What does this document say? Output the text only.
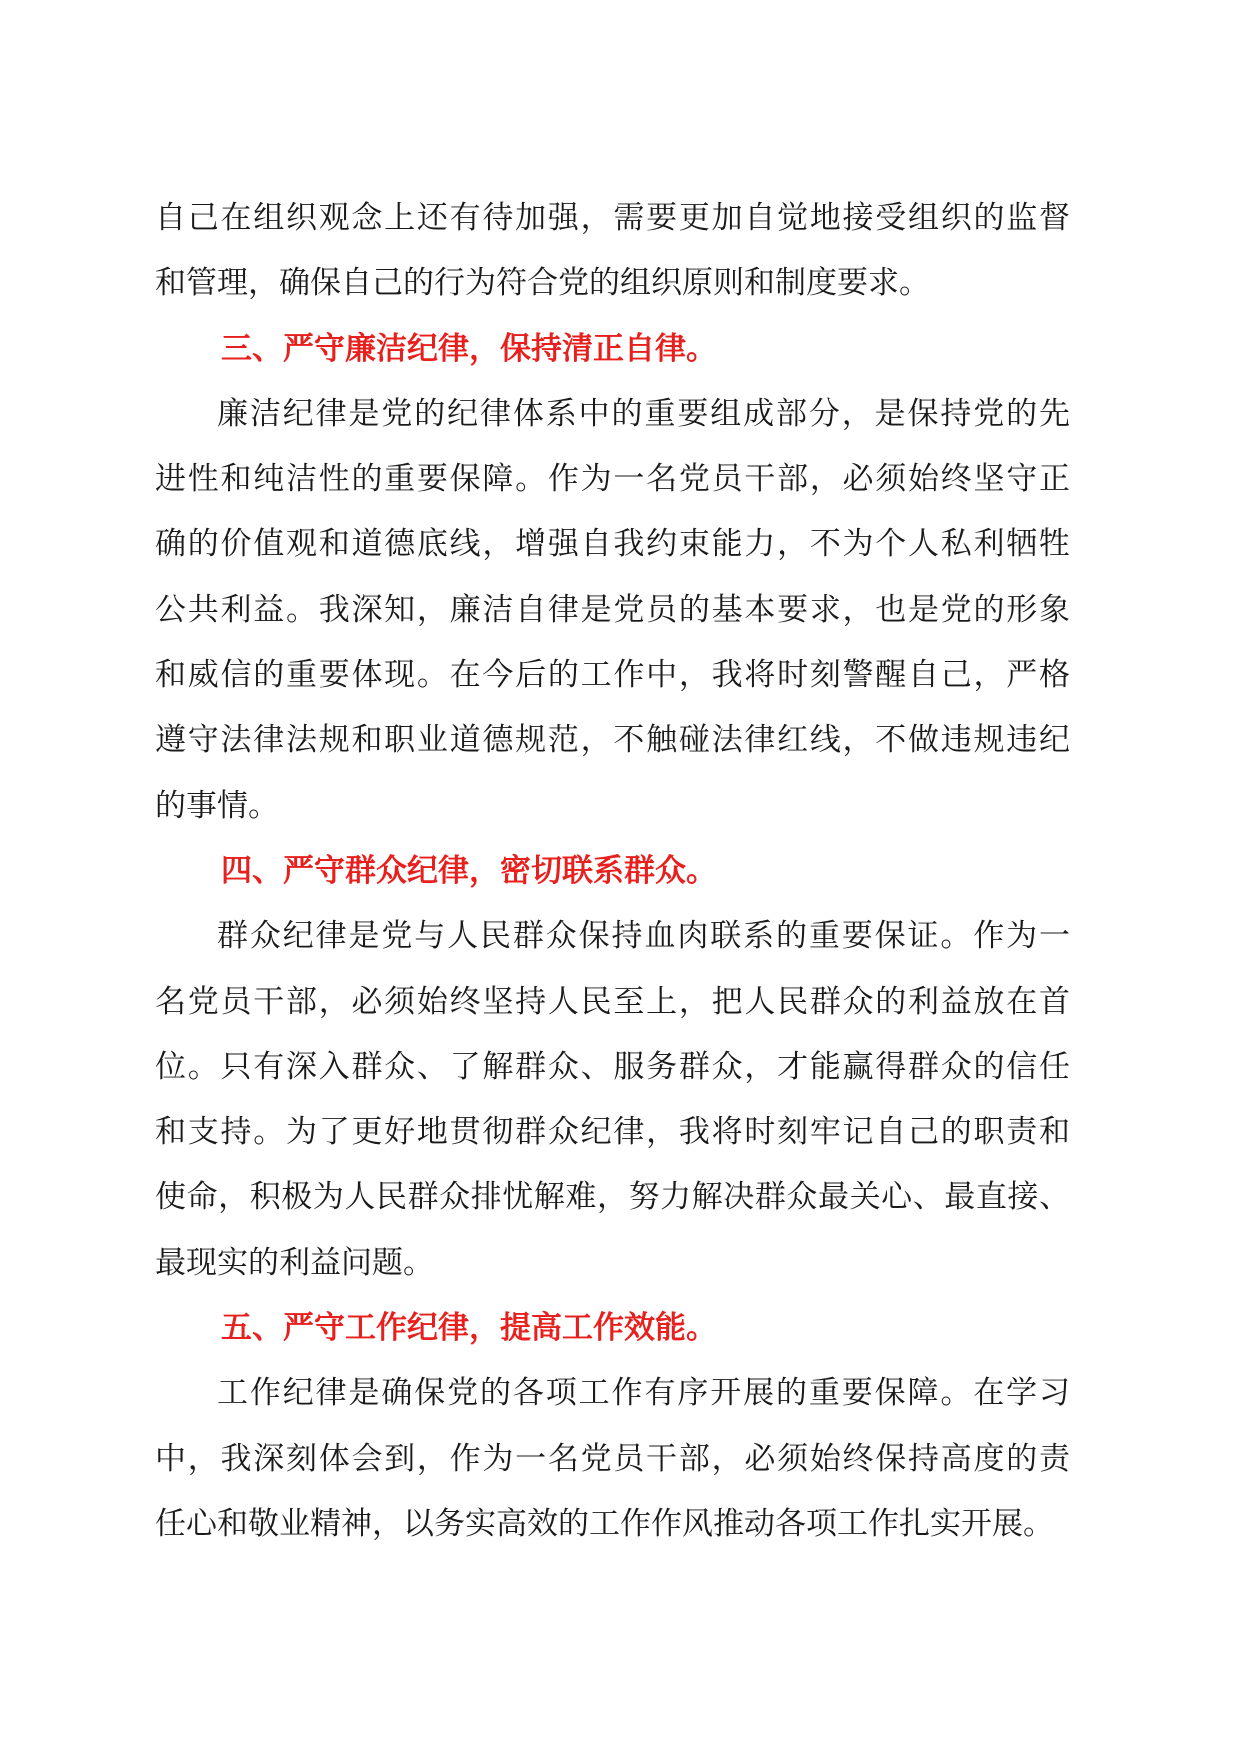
自己在组织观念上还有待加强，需要更加自觉地接受组织的监督
和管理，确保自己的行为符合党的组织原则和制度要求。
三、严守廉洁纪律，保持清正自律。
廉洁纪律是党的纪律体系中的重要组成部分，是保持党的先
进性和纯洁性的重要保障。作为一名党员干部，必须始终坚守正
确的价值观和道德底线，增强自我约束能力，不为个人私利牺牲
公共利益。我深知，廉洁自律是党员的基本要求，也是党的形象
和威信的重要体现。在今后的工作中，我将时刻警醒自己，严格
遵守法律法规和职业道德规范，不触碰法律红线，不做违规违纪
的事情。
四、严守群众纪律，密切联系群众。
群众纪律是党与人民群众保持血肉联系的重要保证。作为一
名党员干部，必须始终坚持人民至上，把人民群众的利益放在首
位。只有深入群众、了解群众、服务群众，才能赢得群众的信任
和支持。为了更好地贯彻群众纪律，我将时刻牢记自己的职责和
使命，积极为人民群众排忧解难，努力解决群众最关心、最直接、
最现实的利益问题。
五、严守工作纪律，提高工作效能。
工作纪律是确保党的各项工作有序开展的重要保障。在学习
中，我深刻体会到，作为一名党员干部，必须始终保持高度的责
任心和敬业精神，以务实高效的工作作风推动各项工作扎实开展。
